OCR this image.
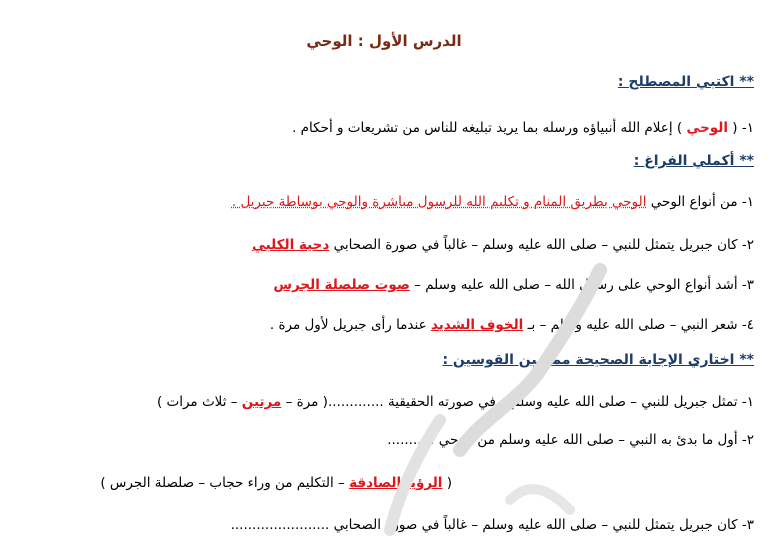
الدرس الأول : الوحي
** اكتبي المصطلح :
١- ( الوحي ) إعلام الله أنبياؤه ورسله بما يريد تبليغه للناس من تشريعات و أحكام .
** أكملي الفراغ :
١- من أنواع الوحي الوحي بطريق المنام و تكليم الله للرسول مباشرة والوحي بوساطة جبريل .
٢- كان جبريل يتمثل للنبي – صلى الله عليه وسلم – غالباً في صورة الصحابي دحية الكلبي
٣- أشد أنواع الوحي على رسول الله – صلى الله عليه وسلم – صوت صلصلة الجرس
٤- شعر النبي – صلى الله عليه وسلم – بـ الخوف الشديد عندما رأى جبريل لأول مرة .
** اختاري الإجابة الصحيحة مما بين القوسين :
١- تمثل جبريل للنبي – صلى الله عليه وسلم – في صورته الحقيقية .............( مرة – مرتين – ثلاث مرات )
٢- أول ما بدئ به النبي – صلى الله عليه وسلم من الوحي ...........
( الرؤيا الصادقة – التكليم من وراء حجاب – صلصلة الجرس )
٣- كان جبريل يتمثل للنبي – صلى الله عليه وسلم – غالباً في صورة الصحابي .......................
